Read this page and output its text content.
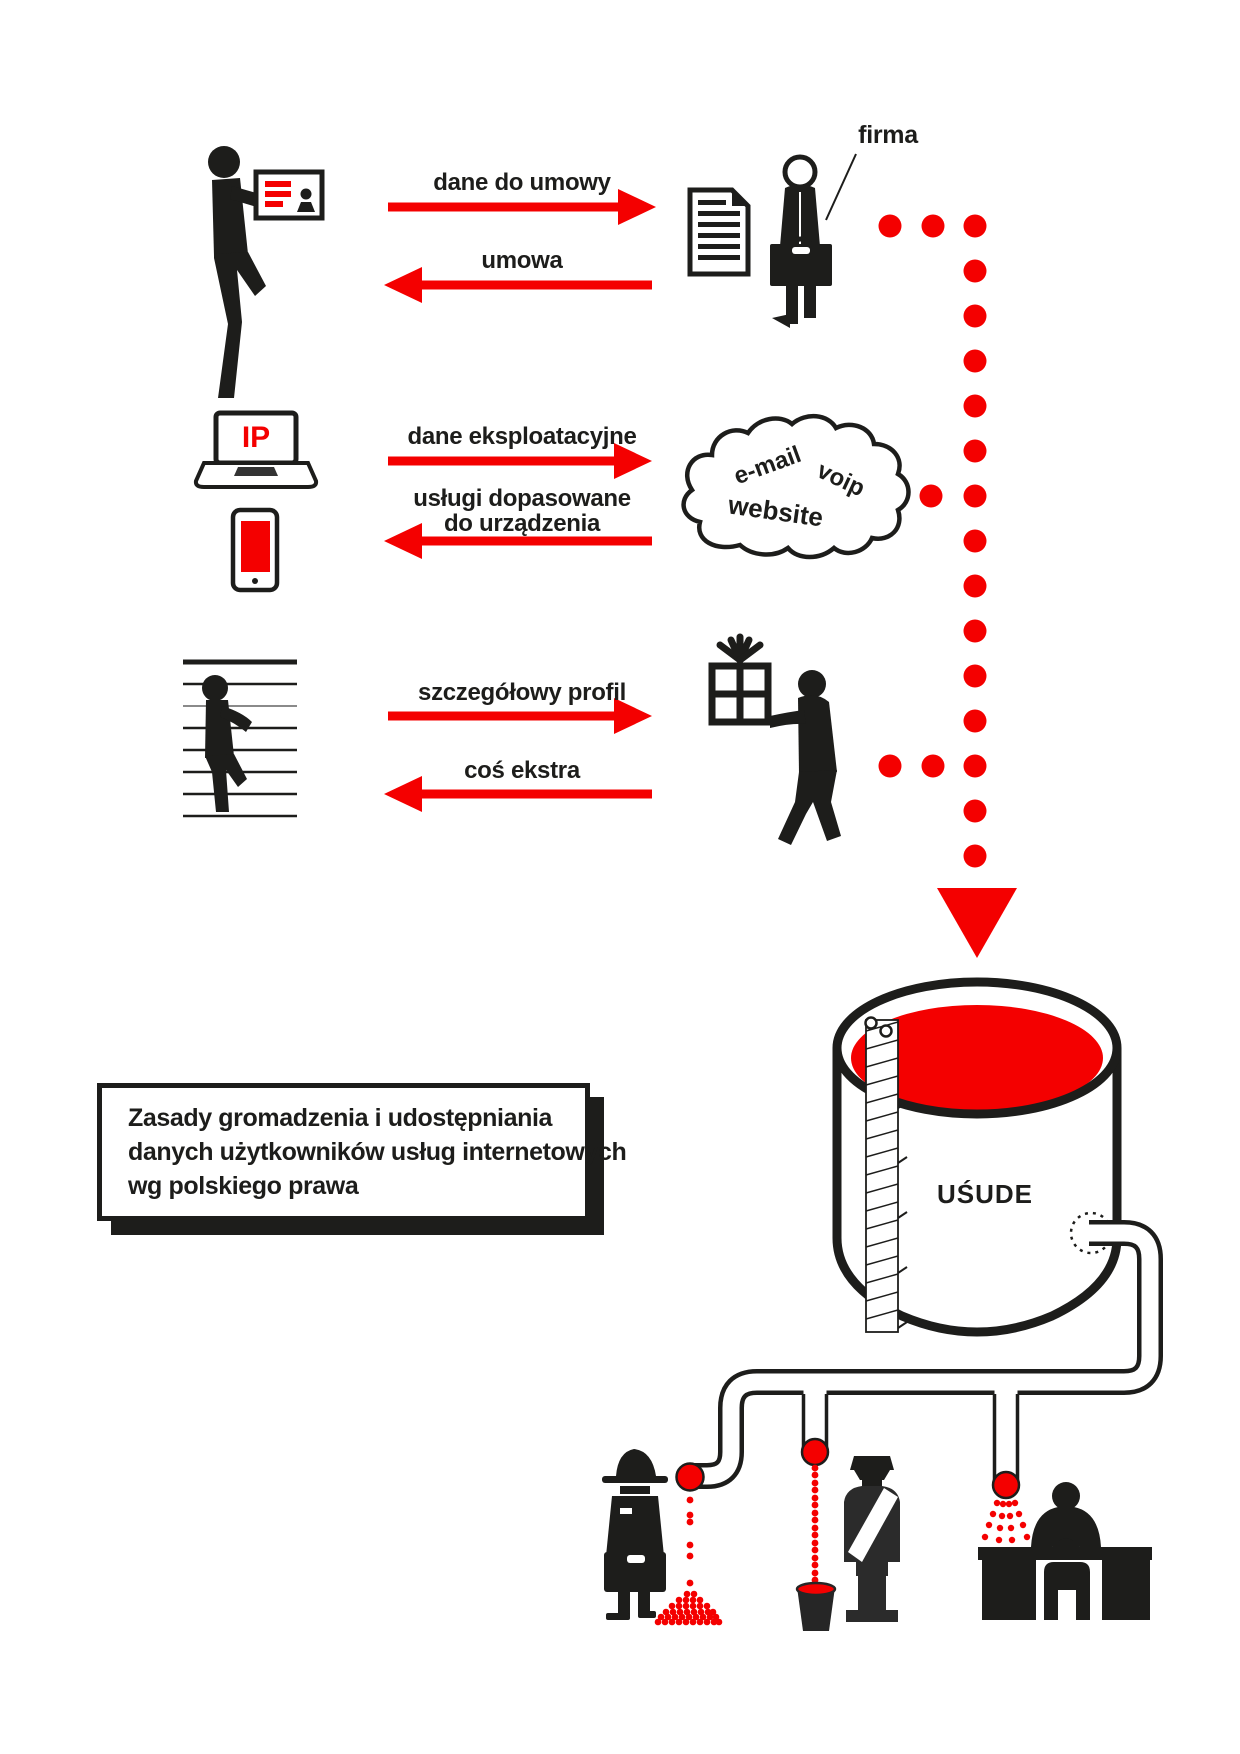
dane do umowy
umowa
firma
dane eksploatacyjne
usługi dopasowane
do urządzenia
IP
e-mail voip
website
szczegółowy profil
coś ekstra
UŚUDE
Zasady gromadzenia i udostępniania
danych użytkowników usług internetowych
wg polskiego prawa
